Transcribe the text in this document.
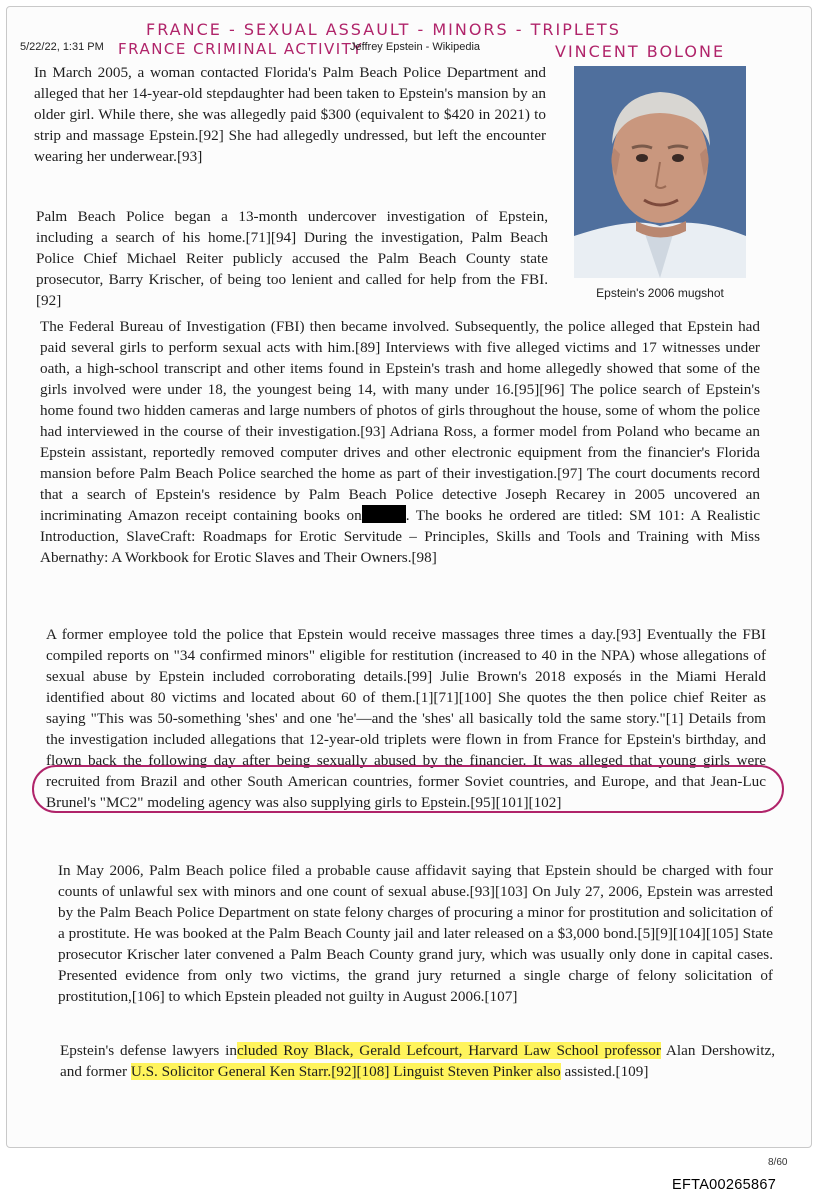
FRANCE - SEXUAL ASSAULT - MINORS - TRIPLETS
FRANCE CRIMINAL ACTIVITY	VINCENT BOLONE
5/22/22, 1:31 PM	Jeffrey Epstein - Wikipedia
Epstein's 2006 mugshot

In March 2005, a woman contacted Florida's Palm Beach Police Department and alleged that her 14-year-old stepdaughter had been taken to Epstein's mansion by an older girl. While there, she was allegedly paid $300 (equivalent to $420 in 2021) to strip and massage Epstein.[92] She had allegedly undressed, but left the encounter wearing her underwear.[93]

Palm Beach Police began a 13-month undercover investigation of Epstein, including a search of his home.[71][94] During the investigation, Palm Beach Police Chief Michael Reiter publicly accused the Palm Beach County state prosecutor, Barry Krischer, of being too lenient and called for help from the FBI.[92]

The Federal Bureau of Investigation (FBI) then became involved. Subsequently, the police alleged that Epstein had paid several girls to perform sexual acts with him.[89] Interviews with five alleged victims and 17 witnesses under oath, a high-school transcript and other items found in Epstein's trash and home allegedly showed that some of the girls involved were under 18, the youngest being 14, with many under 16.[95][96] The police search of Epstein's home found two hidden cameras and large numbers of photos of girls throughout the house, some of whom the police had interviewed in the course of their investigation.[93] Adriana Ross, a former model from Poland who became an Epstein assistant, reportedly removed computer drives and other electronic equipment from the financier's Florida mansion before Palm Beach Police searched the home as part of their investigation.[97] The court documents record that a search of Epstein's residence by Palm Beach Police detective Joseph Recarey in 2005 uncovered an incriminating Amazon receipt containing books on	. The books he ordered are titled: SM 101: A Realistic Introduction, SlaveCraft: Roadmaps for Erotic Servitude – Principles, Skills and Tools and Training with Miss Abernathy: A Workbook for Erotic Slaves and Their Owners.[98]

A former employee told the police that Epstein would receive massages three times a day.[93] Eventually the FBI compiled reports on "34 confirmed minors" eligible for restitution (increased to 40 in the NPA) whose allegations of sexual abuse by Epstein included corroborating details.[99] Julie Brown's 2018 exposés in the Miami Herald identified about 80 victims and located about 60 of them.[1][71][100] She quotes the then police chief Reiter as saying "This was 50-something 'shes' and one 'he'—and the 'shes' all basically told the same story."[1] Details from the investigation included allegations that 12-year-old triplets were flown in from France for Epstein's birthday, and flown back the following day after being sexually abused by the financier. It was alleged that young girls were recruited from Brazil and other South American countries, former Soviet countries, and Europe, and that Jean-Luc Brunel's "MC2" modeling agency was also supplying girls to Epstein.[95][101][102]

In May 2006, Palm Beach police filed a probable cause affidavit saying that Epstein should be charged with four counts of unlawful sex with minors and one count of sexual abuse.[93][103] On July 27, 2006, Epstein was arrested by the Palm Beach Police Department on state felony charges of procuring a minor for prostitution and solicitation of a prostitute. He was booked at the Palm Beach County jail and later released on a $3,000 bond.[5][9][104][105] State prosecutor Krischer later convened a Palm Beach County grand jury, which was usually only done in capital cases. Presented evidence from only two victims, the grand jury returned a single charge of felony solicitation of prostitution,[106] to which Epstein pleaded not guilty in August 2006.[107]

Epstein's defense lawyers included Roy Black, Gerald Lefcourt, Harvard Law School professor Alan Dershowitz, and former U.S. Solicitor General Ken Starr.[92][108] Linguist Steven Pinker also assisted.[109]

8/60
EFTA00265867
